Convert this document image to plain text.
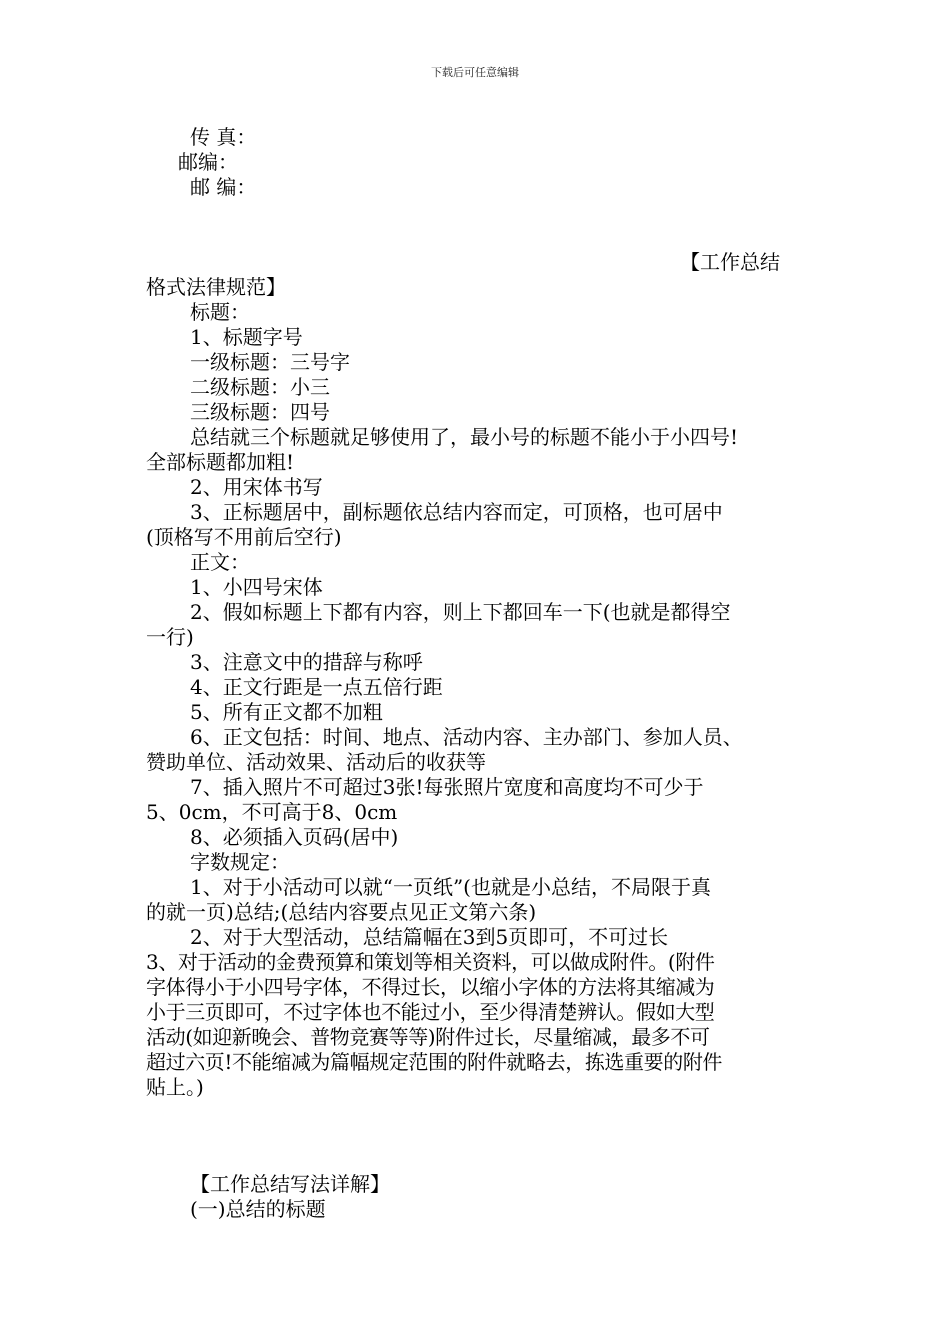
下载后可任意编辑
传 真：
邮编：
邮 编：
【工作总结
格式法律规范】
标题：
1、标题字号
一级标题：三号字
二级标题：小三
三级标题：四号
总结就三个标题就足够使用了，最小号的标题不能小于小四号!
全部标题都加粗!
2、用宋体书写
3、正标题居中，副标题依总结内容而定，可顶格，也可居中
(顶格写不用前后空行)
正文：
1、小四号宋体
2、假如标题上下都有内容，则上下都回车一下(也就是都得空
一行)
3、注意文中的措辞与称呼
4、正文行距是一点五倍行距
5、所有正文都不加粗
6、正文包括：时间、地点、活动内容、主办部门、参加人员、
赞助单位、活动效果、活动后的收获等
7、插入照片不可超过3张!每张照片宽度和高度均不可少于
5、0cm，不可高于8、0cm
8、必须插入页码(居中)
字数规定：
1、对于小活动可以就“一页纸”(也就是小总结，不局限于真
的就一页)总结;(总结内容要点见正文第六条)
2、对于大型活动，总结篇幅在3到5页即可，不可过长
3、对于活动的金费预算和策划等相关资料，可以做成附件。(附件
字体得小于小四号字体，不得过长，以缩小字体的方法将其缩减为
小于三页即可，不过字体也不能过小，至少得清楚辨认。假如大型
活动(如迎新晚会、普物竞赛等等)附件过长，尽量缩减，最多不可
超过六页!不能缩减为篇幅规定范围的附件就略去，拣选重要的附件
贴上。)
【工作总结写法详解】
(一)总结的标题
